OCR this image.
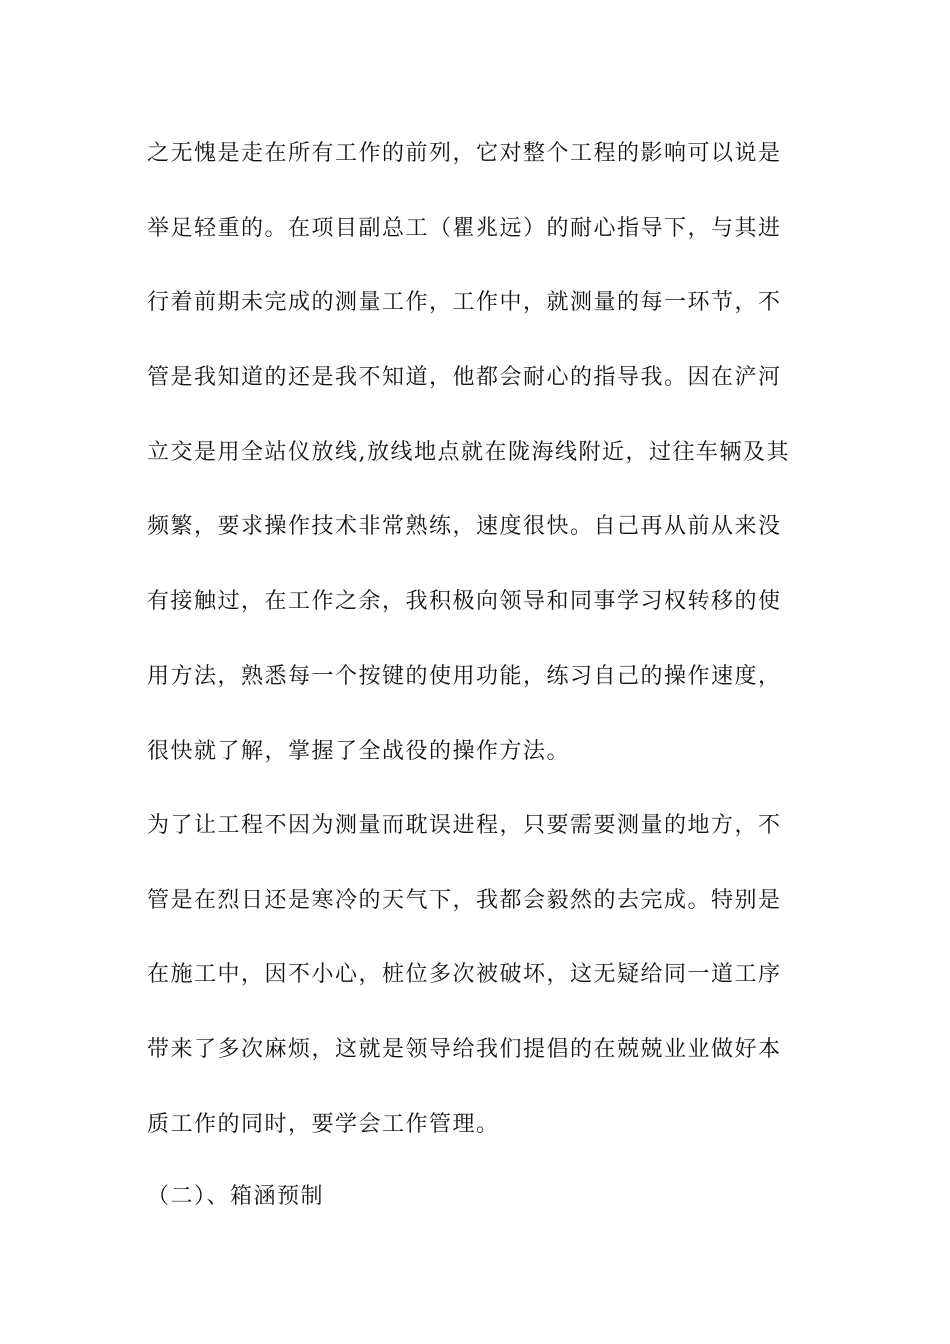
之无愧是走在所有工作的前列，它对整个工程的影响可以说是
举足轻重的。在项目副总工（瞿兆远）的耐心指导下，与其进
行着前期未完成的测量工作，工作中，就测量的每一环节，不
管是我知道的还是我不知道，他都会耐心的指导我。因在浐河
立交是用全站仪放线,放线地点就在陇海线附近，过往车辆及其
频繁，要求操作技术非常熟练，速度很快。自己再从前从来没
有接触过，在工作之余，我积极向领导和同事学习权转移的使
用方法，熟悉每一个按键的使用功能，练习自己的操作速度，
很快就了解，掌握了全战役的操作方法。
为了让工程不因为测量而耽误进程，只要需要测量的地方，不
管是在烈日还是寒冷的天气下，我都会毅然的去完成。特别是
在施工中，因不小心，桩位多次被破坏，这无疑给同一道工序
带来了多次麻烦，这就是领导给我们提倡的在兢兢业业做好本
质工作的同时，要学会工作管理。
（二）、箱涵预制
